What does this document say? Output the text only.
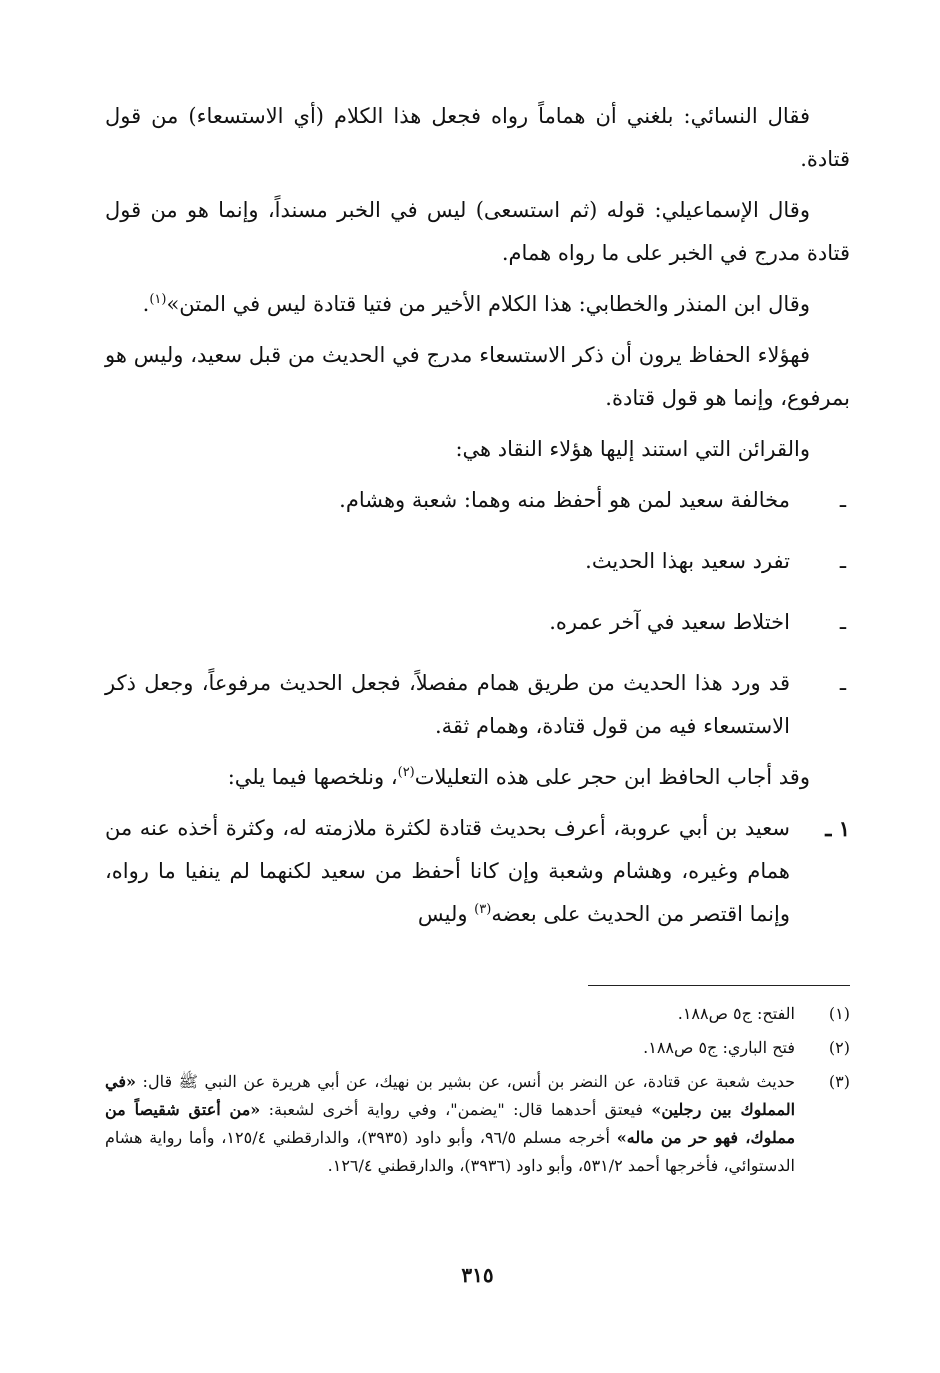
فقال النسائي: بلغني أن هماماً رواه فجعل هذا الكلام (أي الاستسعاء) من قول قتادة.

وقال الإسماعيلي: قوله (ثم استسعى) ليس في الخبر مسنداً، وإنما هو من قول قتادة مدرج في الخبر على ما رواه همام.

وقال ابن المنذر والخطابي: هذا الكلام الأخير من فتيا قتادة ليس في المتن»$^{(١)}$.

فهؤلاء الحفاظ يرون أن ذكر الاستسعاء مدرج في الحديث من قبل سعيد، وليس هو بمرفوع، وإنما هو قول قتادة.

والقرائن التي استند إليها هؤلاء النقاد هي:

ـ
مخالفة سعيد لمن هو أحفظ منه وهما: شعبة وهشام.
ـ
تفرد سعيد بهذا الحديث.
ـ
اختلاط سعيد في آخر عمره.
ـ
قد ورد هذا الحديث من طريق همام مفصلاً، فجعل الحديث مرفوعاً، وجعل ذكر الاستسعاء فيه من قول قتادة، وهمام ثقة.

وقد أجاب الحافظ ابن حجر على هذه التعليلات$^{(٢)}$، ونلخصها فيما يلي:

١ ـ
سعيد بن أبي عروبة، أعرف بحديث قتادة لكثرة ملازمته له، وكثرة أخذه عنه من همام وغيره، وهشام وشعبة وإن كانا أحفظ من سعيد لكنهما لم ينفيا ما رواه، وإنما اقتصر من الحديث على بعضه$^{(٣)}$ وليس
(١)
الفتح: ج٥ ص١٨٨.
(٢)
فتح الباري: ج٥ ص١٨٨.
(٣)
حديث شعبة عن قتادة، عن النضر بن أنس، عن بشير بن نهيك، عن أبي هريرة عن النبي ﷺ قال: «في المملوك بين رجلين» فيعتق أحدهما قال: "يضمن"، وفي رواية أخرى لشعبة: «من أعتق شقيصاً من مملوك، فهو حر من ماله» أخرجه مسلم ٩٦/٥، وأبو داود (٣٩٣٥)، والدارقطني ١٢٥/٤، وأما رواية هشام الدستوائي، فأخرجها أحمد ٥٣١/٢، وأبو داود (٣٩٣٦)، والدارقطني ١٢٦/٤.
٣١٥
